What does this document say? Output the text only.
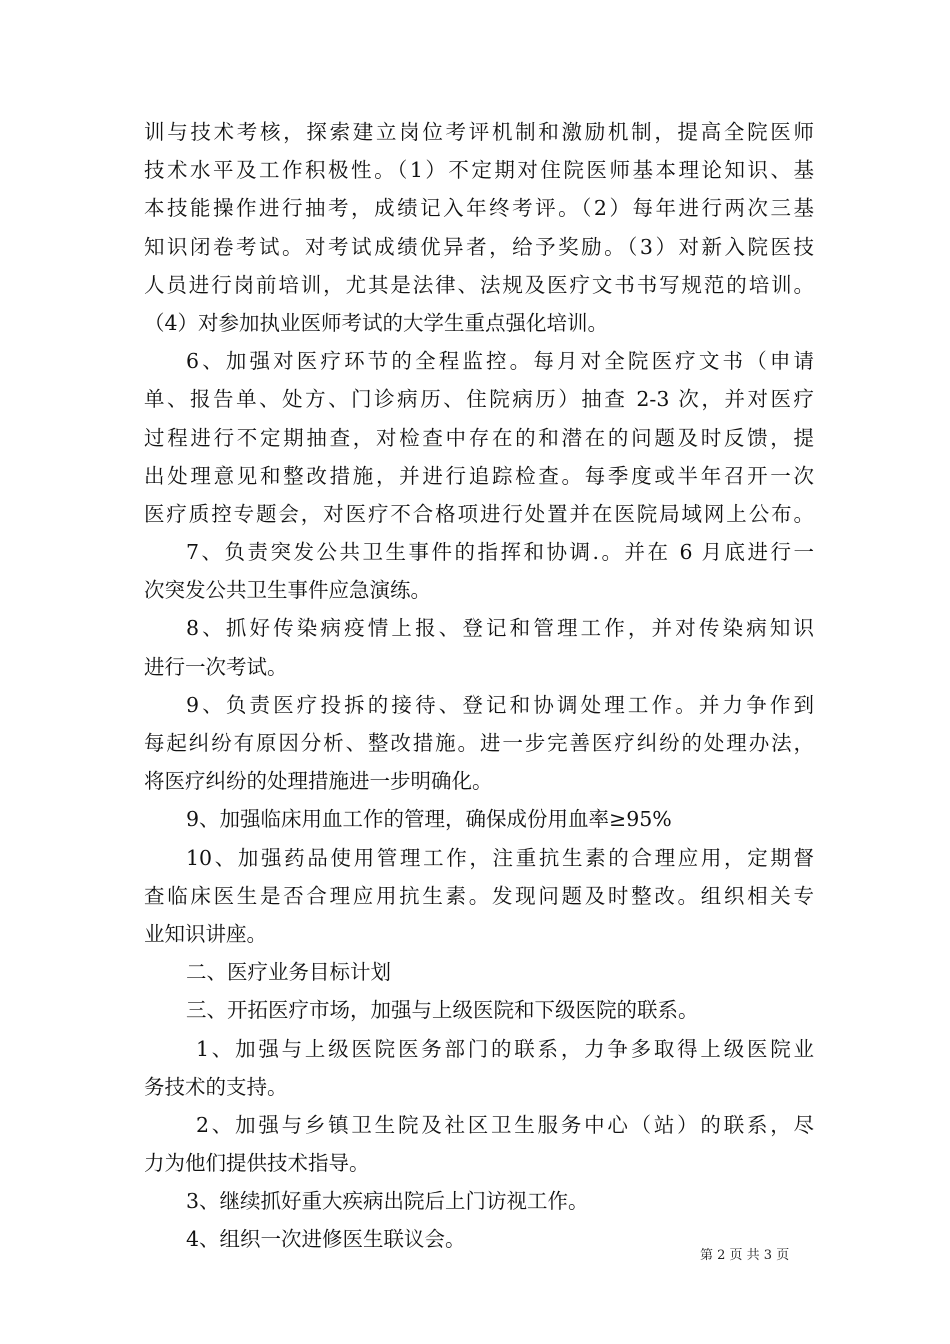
训与技术考核，探索建立岗位考评机制和激励机制，提高全院医师
技术水平及工作积极性。（1）不定期对住院医师基本理论知识、基
本技能操作进行抽考，成绩记入年终考评。（2）每年进行两次三基
知识闭卷考试。对考试成绩优异者，给予奖励。（3）对新入院医技
人员进行岗前培训，尤其是法律、法规及医疗文书书写规范的培训。
（4）对参加执业医师考试的大学生重点强化培训。
6、加强对医疗环节的全程监控。每月对全院医疗文书（申请
单、报告单、处方、门诊病历、住院病历）抽查 2-3 次，并对医疗
过程进行不定期抽查，对检查中存在的和潜在的问题及时反馈，提
出处理意见和整改措施，并进行追踪检查。每季度或半年召开一次
医疗质控专题会，对医疗不合格项进行处置并在医院局域网上公布。
7、负责突发公共卫生事件的指挥和协调.。并在 6 月底进行一
次突发公共卫生事件应急演练。
8、抓好传染病疫情上报、登记和管理工作，并对传染病知识
进行一次考试。
9、负责医疗投拆的接待、登记和协调处理工作。并力争作到
每起纠纷有原因分析、整改措施。进一步完善医疗纠纷的处理办法，
将医疗纠纷的处理措施进一步明确化。
9、加强临床用血工作的管理，确保成份用血率≥95%
10、加强药品使用管理工作，注重抗生素的合理应用，定期督
查临床医生是否合理应用抗生素。发现问题及时整改。组织相关专
业知识讲座。
二、医疗业务目标计划
三、开拓医疗市场，加强与上级医院和下级医院的联系。
1、加强与上级医院医务部门的联系，力争多取得上级医院业
务技术的支持。
2、加强与乡镇卫生院及社区卫生服务中心（站）的联系，尽
力为他们提供技术指导。
3、继续抓好重大疾病出院后上门访视工作。
4、组织一次进修医生联议会。
第 2 页 共 3 页
